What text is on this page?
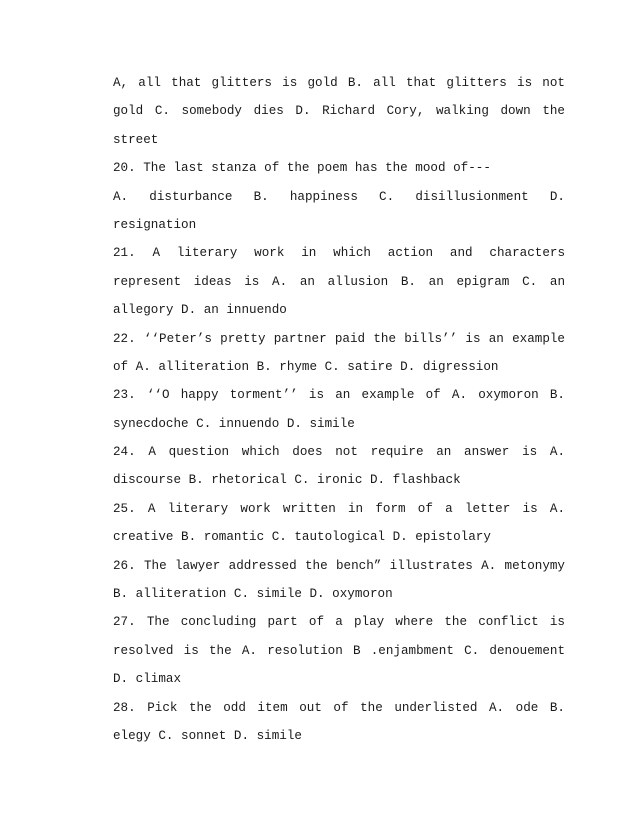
A, all that glitters is gold B. all that glitters is not
gold C. somebody dies D. Richard Cory, walking down the
street
20. The last stanza of the poem has the mood of---
A. disturbance B. happiness C. disillusionment D.
resignation
21. A literary work in which action and characters
represent ideas is A. an allusion B. an epigram C. an
allegory D. an innuendo
22. ‘‘Peter’s pretty partner paid the bills’’ is an example
of A. alliteration B. rhyme C. satire D. digression
23. ‘‘O happy torment’’ is an example of A. oxymoron B.
synecdoche C. innuendo D. simile
24. A question which does not require an answer is A.
discourse B. rhetorical C. ironic D. flashback
25. A literary work written in form of a letter is A.
creative B. romantic C. tautological D. epistolary
26. The lawyer addressed the bench” illustrates A. metonymy
B. alliteration C. simile D. oxymoron
27. The concluding part of a play where the conflict is
resolved is the A. resolution B .enjambment C. denouement
D. climax
28. Pick the odd item out of the underlisted A. ode B.
elegy C. sonnet D. simile
